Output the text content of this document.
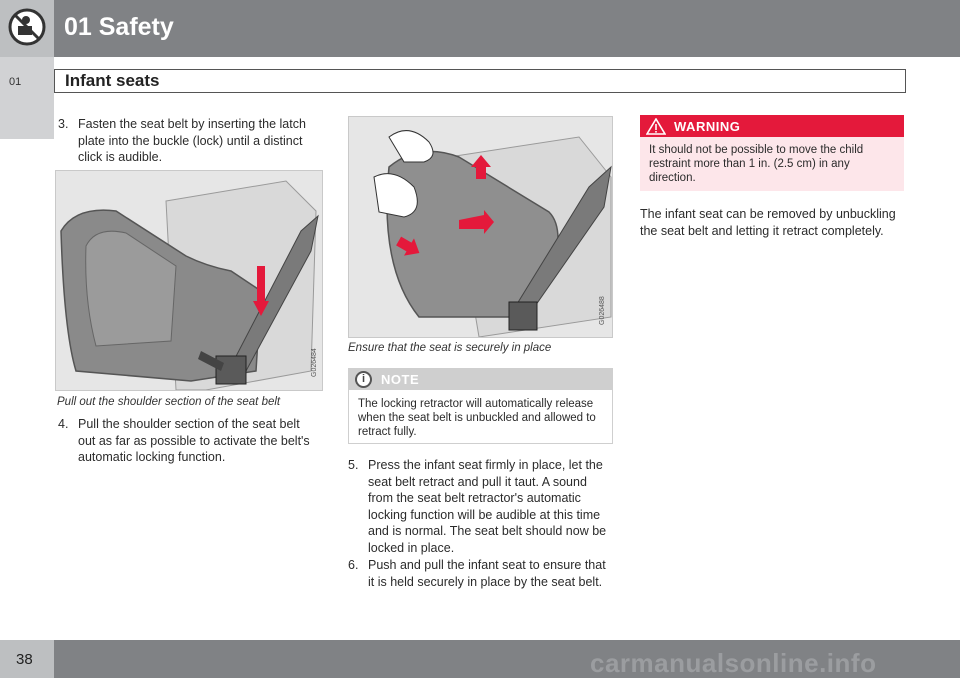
01 Safety
01	Infant seats
3. Fasten the seat belt by inserting the latch plate into the buckle (lock) until a distinct click is audible.
G026484
Pull out the shoulder section of the seat belt
4. Pull the shoulder section of the seat belt out as far as possible to activate the belt's automatic locking function.
G026488
Ensure that the seat is securely in place
i	NOTE
The locking retractor will automatically release when the seat belt is unbuckled and allowed to retract fully.
5. Press the infant seat firmly in place, let the seat belt retract and pull it taut. A sound from the seat belt retractor's automatic locking function will be audible at this time and is normal. The seat belt should now be locked in place.
6. Push and pull the infant seat to ensure that it is held securely in place by the seat belt.
WARNING
It should not be possible to move the child restraint more than 1 in. (2.5 cm) in any direction.
The infant seat can be removed by unbuckling the seat belt and letting it retract completely.
38	carmanualsonline.info
